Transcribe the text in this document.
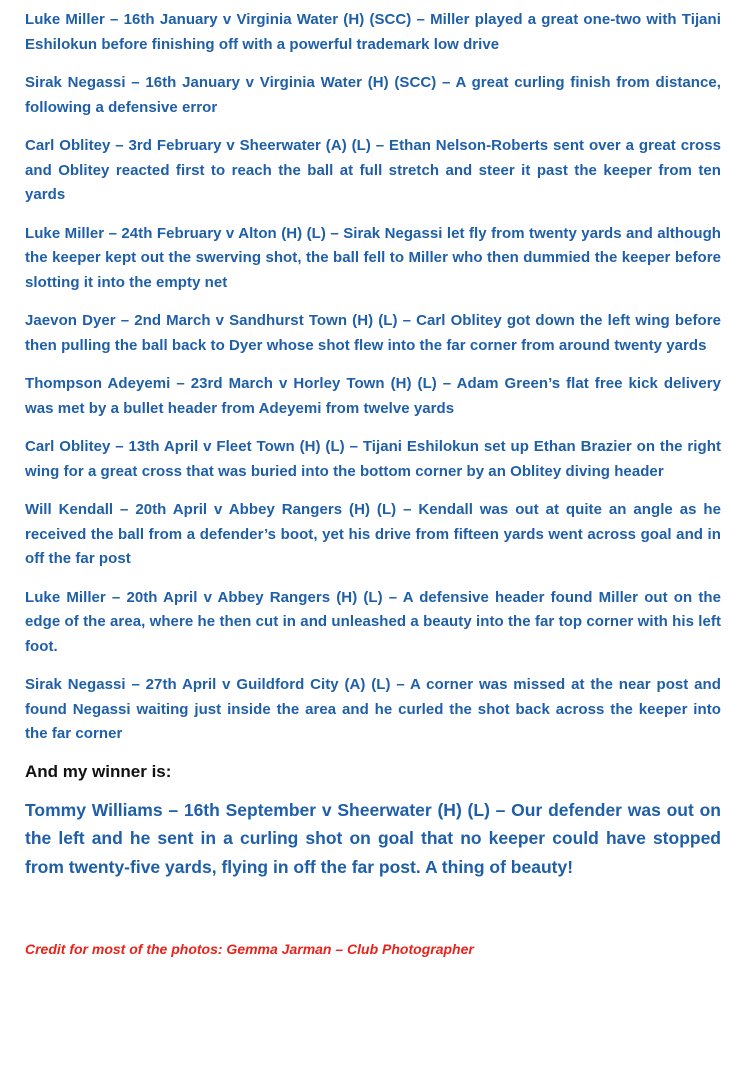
Luke Miller – 16th January v Virginia Water (H) (SCC) – Miller played a great one-two with Tijani Eshilokun before finishing off with a powerful trademark low drive

Sirak Negassi – 16th January v Virginia Water (H) (SCC) – A great curling finish from distance, following a defensive error

Carl Oblitey – 3rd February v Sheerwater (A) (L) – Ethan Nelson-Roberts sent over a great cross and Oblitey reacted first to reach the ball at full stretch and steer it past the keeper from ten yards

Luke Miller – 24th February v Alton (H) (L) – Sirak Negassi let fly from twenty yards and although the keeper kept out the swerving shot, the ball fell to Miller who then dummied the keeper before slotting it into the empty net

Jaevon Dyer – 2nd March v Sandhurst Town (H) (L) – Carl Oblitey got down the left wing before then pulling the ball back to Dyer whose shot flew into the far corner from around twenty yards

Thompson Adeyemi – 23rd March v Horley Town (H) (L) – Adam Green’s flat free kick delivery was met by a bullet header from Adeyemi from twelve yards

Carl Oblitey – 13th April v Fleet Town (H) (L) – Tijani Eshilokun set up Ethan Brazier on the right wing for a great cross that was buried into the bottom corner by an Oblitey diving header

Will Kendall – 20th April v Abbey Rangers (H) (L) – Kendall was out at quite an angle as he received the ball from a defender’s boot, yet his drive from fifteen yards went across goal and in off the far post

Luke Miller – 20th April v Abbey Rangers (H) (L) – A defensive header found Miller out on the edge of the area, where he then cut in and unleashed a beauty into the far top corner with his left foot.

Sirak Negassi – 27th April v Guildford City (A) (L) – A corner was missed at the near post and found Negassi waiting just inside the area and he curled the shot back across the keeper into the far corner

And my winner is:

Tommy Williams – 16th September v Sheerwater (H) (L) – Our defender was out on the left and he sent in a curling shot on goal that no keeper could have stopped from twenty-five yards, flying in off the far post. A thing of beauty!

Credit for most of the photos: Gemma Jarman – Club Photographer
